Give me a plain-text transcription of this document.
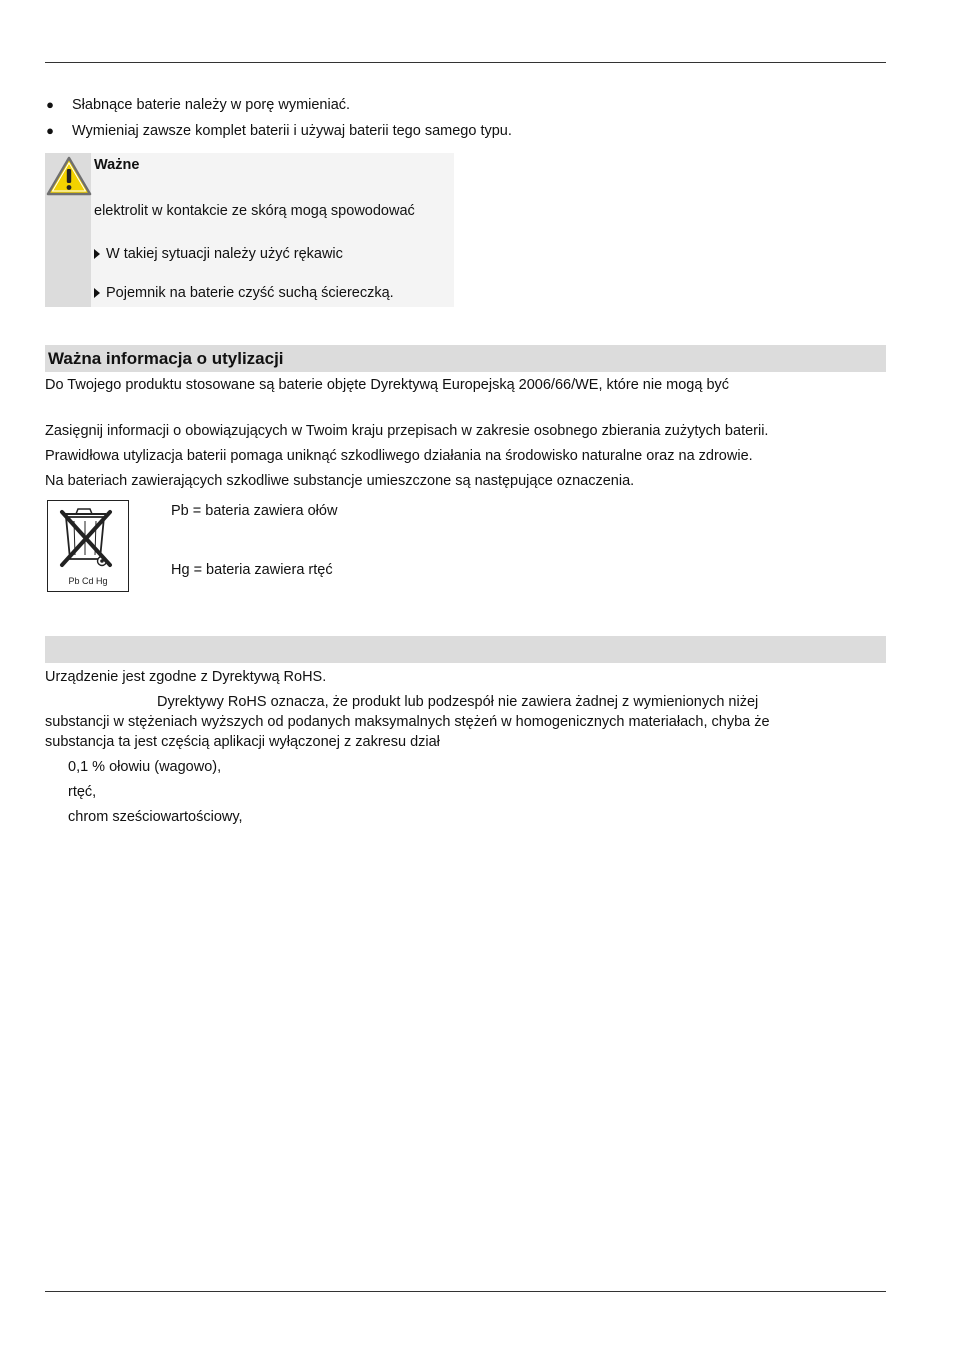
● Słabnące baterie należy w porę wymieniać.
● Wymieniaj zawsze komplet baterii i używaj baterii tego samego typu.
Ważne
elektrolit w kontakcie ze skórą mogą spowodować
W takiej sytuacji należy użyć rękawic
Pojemnik na baterie czyść suchą ściereczką.
Ważna informacja o utylizacji
Do Twojego produktu stosowane są baterie objęte Dyrektywą Europejską 2006/66/WE, które nie mogą być
Zasięgnij informacji o obowiązujących w Twoim kraju przepisach w zakresie osobnego zbierania zużytych baterii.
Prawidłowa utylizacja baterii pomaga uniknąć szkodliwego działania na środowisko naturalne oraz na zdrowie.
Na bateriach zawierających szkodliwe substancje umieszczone są następujące oznaczenia.
Pb Cd Hg
Pb = bateria zawiera ołów
Hg = bateria zawiera rtęć
Urządzenie jest zgodne z Dyrektywą RoHS.
Dyrektywy RoHS oznacza, że produkt lub podzespół nie zawiera żadnej z wymienionych niżej
substancji w stężeniach wyższych od podanych maksymalnych stężeń w homogenicznych materiałach, chyba że
substancja ta jest częścią aplikacji wyłączonej z zakresu dział
0,1 % ołowiu (wagowo),
rtęć,
chrom sześciowartościowy,
